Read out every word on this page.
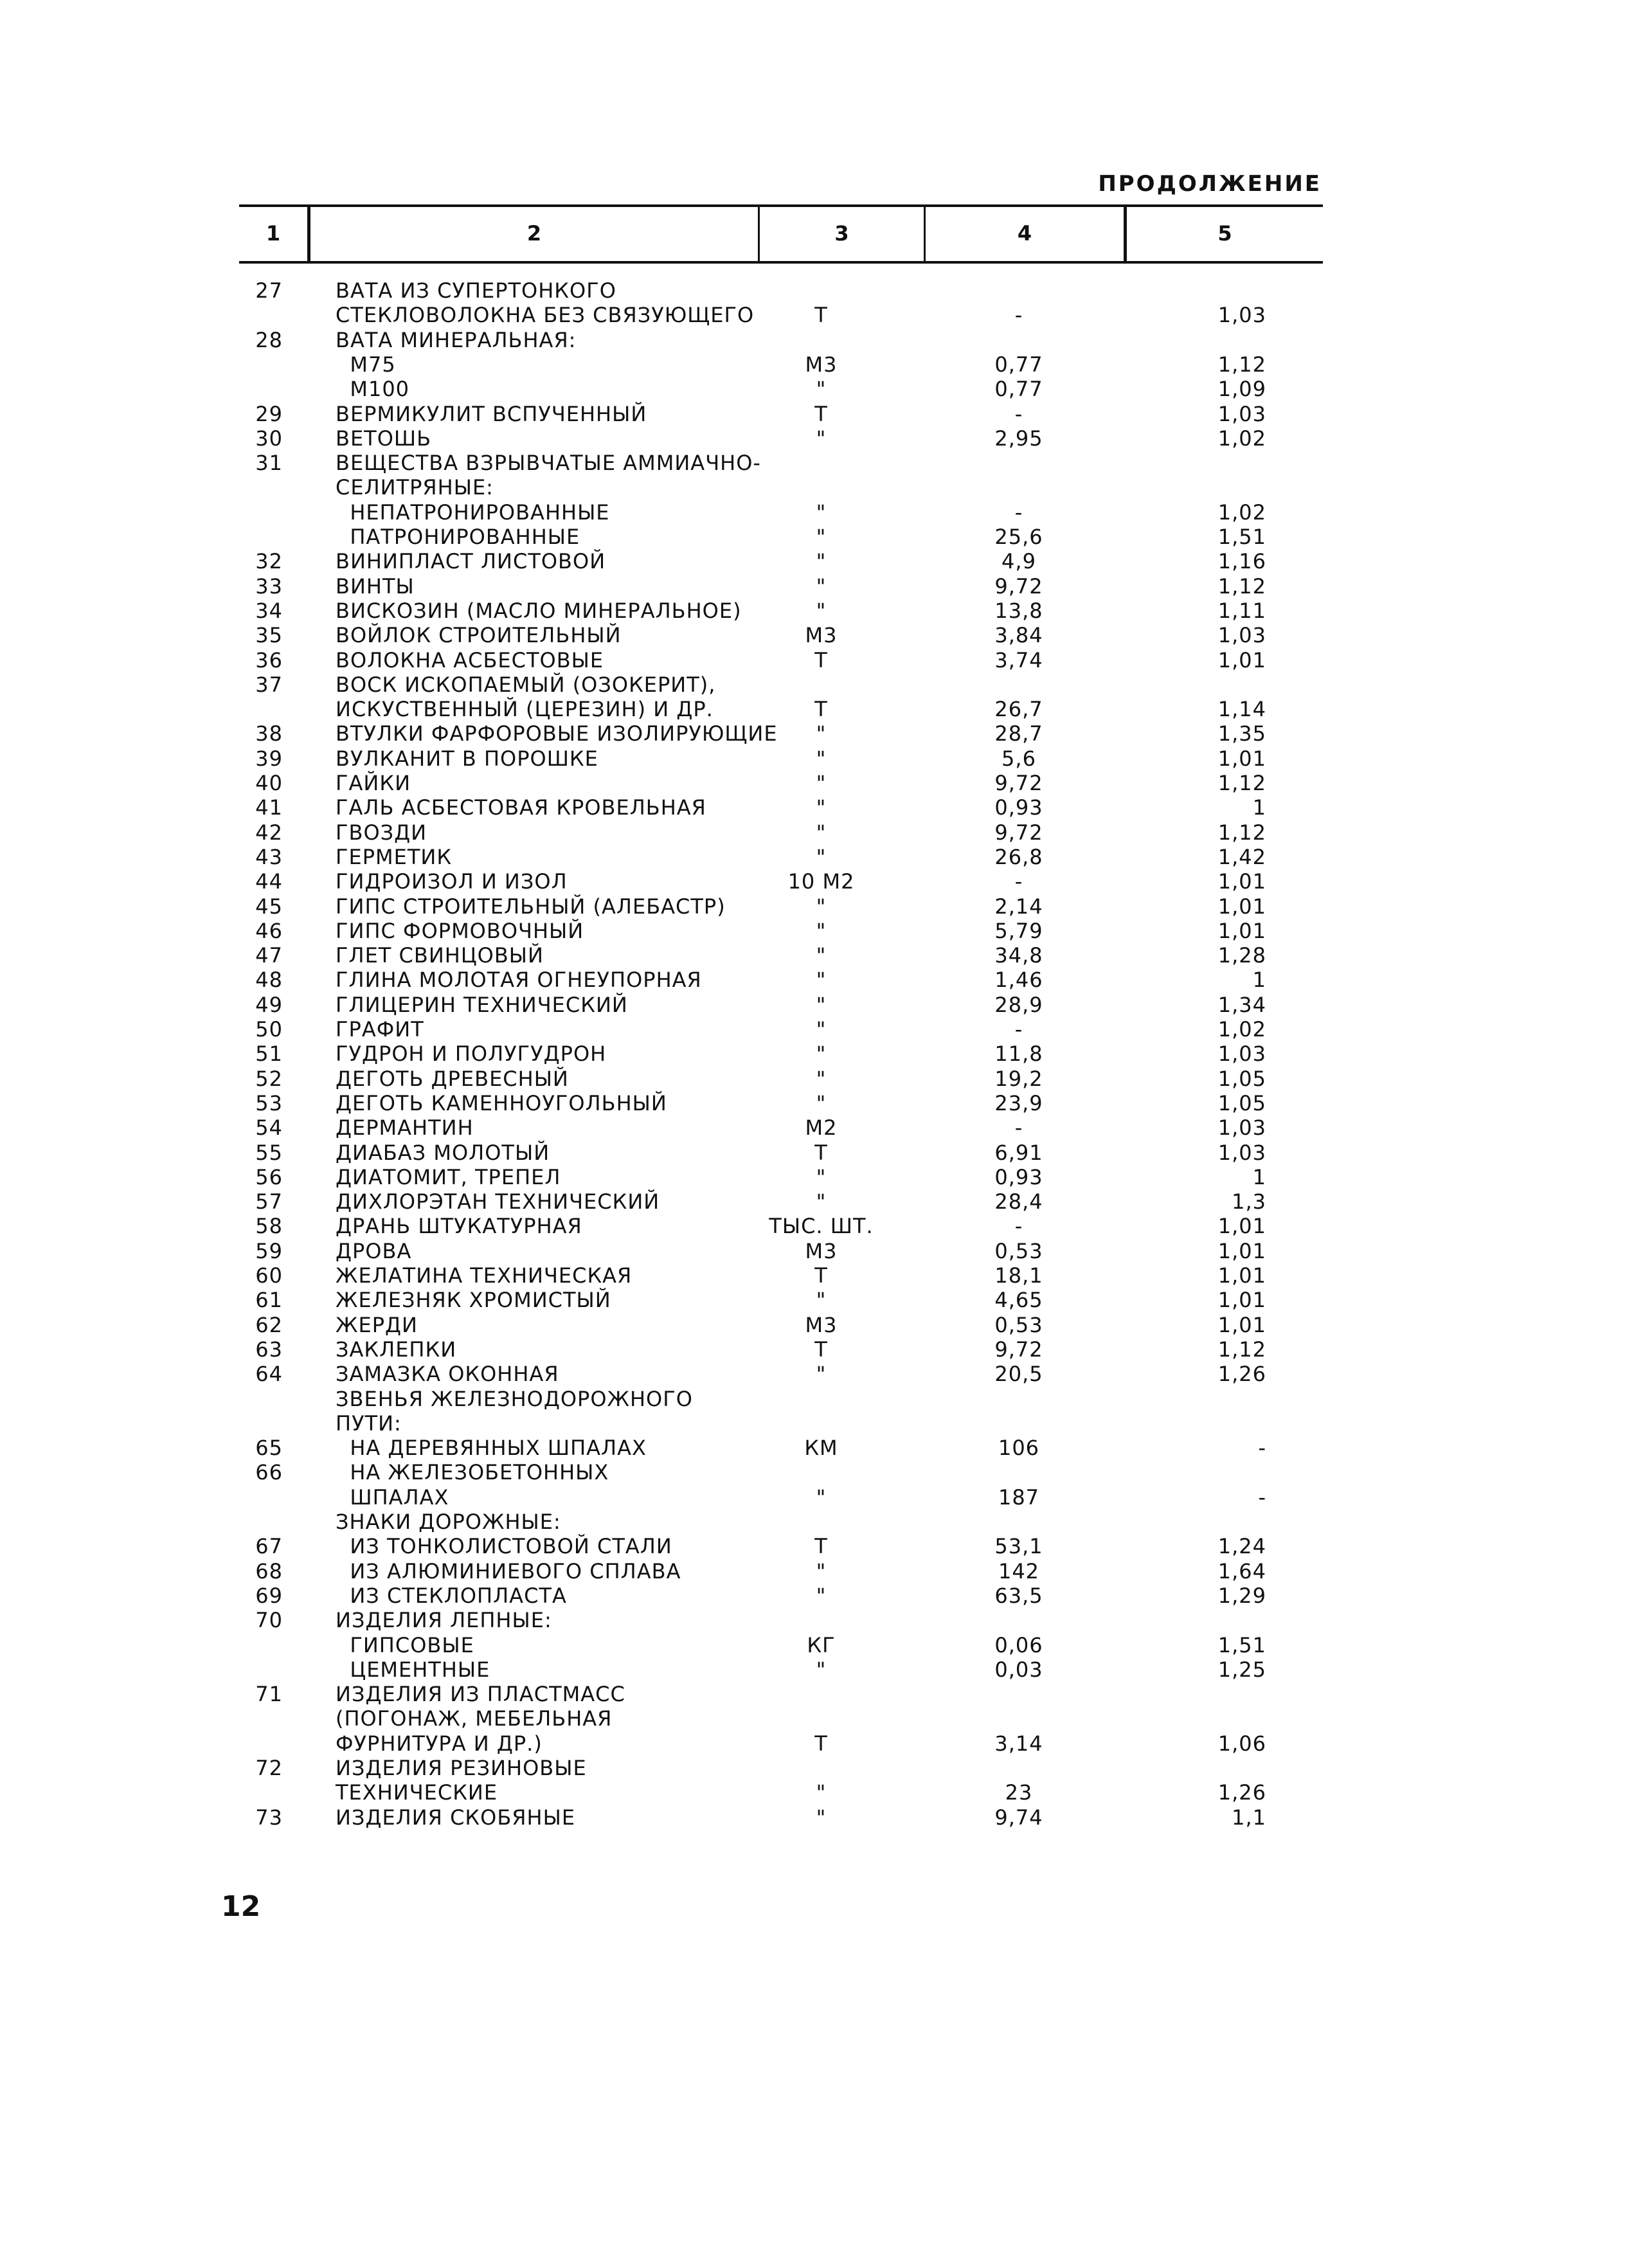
ПРОДОЛЖЕНИЕ
1	2	3	4	5
27	ВАТА ИЗ СУПЕРТОНКОГО
СТЕКЛОВОЛОКНА БЕЗ СВЯЗУЮЩЕГО	Т	-	1,03
28	ВАТА МИНЕРАЛЬНАЯ:
М75	М3	0,77	1,12
М100	"	0,77	1,09
29	ВЕРМИКУЛИТ ВСПУЧЕННЫЙ	Т	-	1,03
30	ВЕТОШЬ	"	2,95	1,02
31	ВЕЩЕСТВА ВЗРЫВЧАТЫЕ АММИАЧНО-
СЕЛИТРЯНЫЕ:
НЕПАТРОНИРОВАННЫЕ	"	-	1,02
ПАТРОНИРОВАННЫЕ	"	25,6	1,51
32	ВИНИПЛАСТ ЛИСТОВОЙ	"	4,9	1,16
33	ВИНТЫ	"	9,72	1,12
34	ВИСКОЗИН (МАСЛО МИНЕРАЛЬНОЕ)	"	13,8	1,11
35	ВОЙЛОК СТРОИТЕЛЬНЫЙ	М3	3,84	1,03
36	ВОЛОКНА АСБЕСТОВЫЕ	Т	3,74	1,01
37	ВОСК ИСКОПАЕМЫЙ (ОЗОКЕРИТ),
ИСКУСТВЕННЫЙ (ЦЕРЕЗИН) И ДР.	Т	26,7	1,14
38	ВТУЛКИ ФАРФОРОВЫЕ ИЗОЛИРУЮЩИЕ	"	28,7	1,35
39	ВУЛКАНИТ В ПОРОШКЕ	"	5,6	1,01
40	ГАЙКИ	"	9,72	1,12
41	ГАЛЬ АСБЕСТОВАЯ КРОВЕЛЬНАЯ	"	0,93	1
42	ГВОЗДИ	"	9,72	1,12
43	ГЕРМЕТИК	"	26,8	1,42
44	ГИДРОИЗОЛ И ИЗОЛ	10 М2	-	1,01
45	ГИПС СТРОИТЕЛЬНЫЙ (АЛЕБАСТР)	"	2,14	1,01
46	ГИПС ФОРМОВОЧНЫЙ	"	5,79	1,01
47	ГЛЕТ СВИНЦОВЫЙ	"	34,8	1,28
48	ГЛИНА МОЛОТАЯ ОГНЕУПОРНАЯ	"	1,46	1
49	ГЛИЦЕРИН ТЕХНИЧЕСКИЙ	"	28,9	1,34
50	ГРАФИТ	"	-	1,02
51	ГУДРОН И ПОЛУГУДРОН	"	11,8	1,03
52	ДЕГОТЬ ДРЕВЕСНЫЙ	"	19,2	1,05
53	ДЕГОТЬ КАМЕННОУГОЛЬНЫЙ	"	23,9	1,05
54	ДЕРМАНТИН	М2	-	1,03
55	ДИАБАЗ МОЛОТЫЙ	Т	6,91	1,03
56	ДИАТОМИТ, ТРЕПЕЛ	"	0,93	1
57	ДИХЛОРЭТАН ТЕХНИЧЕСКИЙ	"	28,4	1,3
58	ДРАНЬ ШТУКАТУРНАЯ	ТЫС. ШТ.	-	1,01
59	ДРОВА	М3	0,53	1,01
60	ЖЕЛАТИНА ТЕХНИЧЕСКАЯ	Т	18,1	1,01
61	ЖЕЛЕЗНЯК ХРОМИСТЫЙ	"	4,65	1,01
62	ЖЕРДИ	М3	0,53	1,01
63	ЗАКЛЕПКИ	Т	9,72	1,12
64	ЗАМАЗКА ОКОННАЯ	"	20,5	1,26
ЗВЕНЬЯ ЖЕЛЕЗНОДОРОЖНОГО
ПУТИ:
65	НА ДЕРЕВЯННЫХ ШПАЛАХ	КМ	106	-
66	НА ЖЕЛЕЗОБЕТОННЫХ
ШПАЛАХ	"	187	-
ЗНАКИ ДОРОЖНЫЕ:
67	ИЗ ТОНКОЛИСТОВОЙ СТАЛИ	Т	53,1	1,24
68	ИЗ АЛЮМИНИЕВОГО СПЛАВА	"	142	1,64
69	ИЗ СТЕКЛОПЛАСТА	"	63,5	1,29
70	ИЗДЕЛИЯ ЛЕПНЫЕ:
ГИПСОВЫЕ	КГ	0,06	1,51
ЦЕМЕНТНЫЕ	"	0,03	1,25
71	ИЗДЕЛИЯ ИЗ ПЛАСТМАСС
(ПОГОНАЖ, МЕБЕЛЬНАЯ
ФУРНИТУРА И ДР.)	Т	3,14	1,06
72	ИЗДЕЛИЯ РЕЗИНОВЫЕ
ТЕХНИЧЕСКИЕ	"	23	1,26
73	ИЗДЕЛИЯ СКОБЯНЫЕ	"	9,74	1,1
12
